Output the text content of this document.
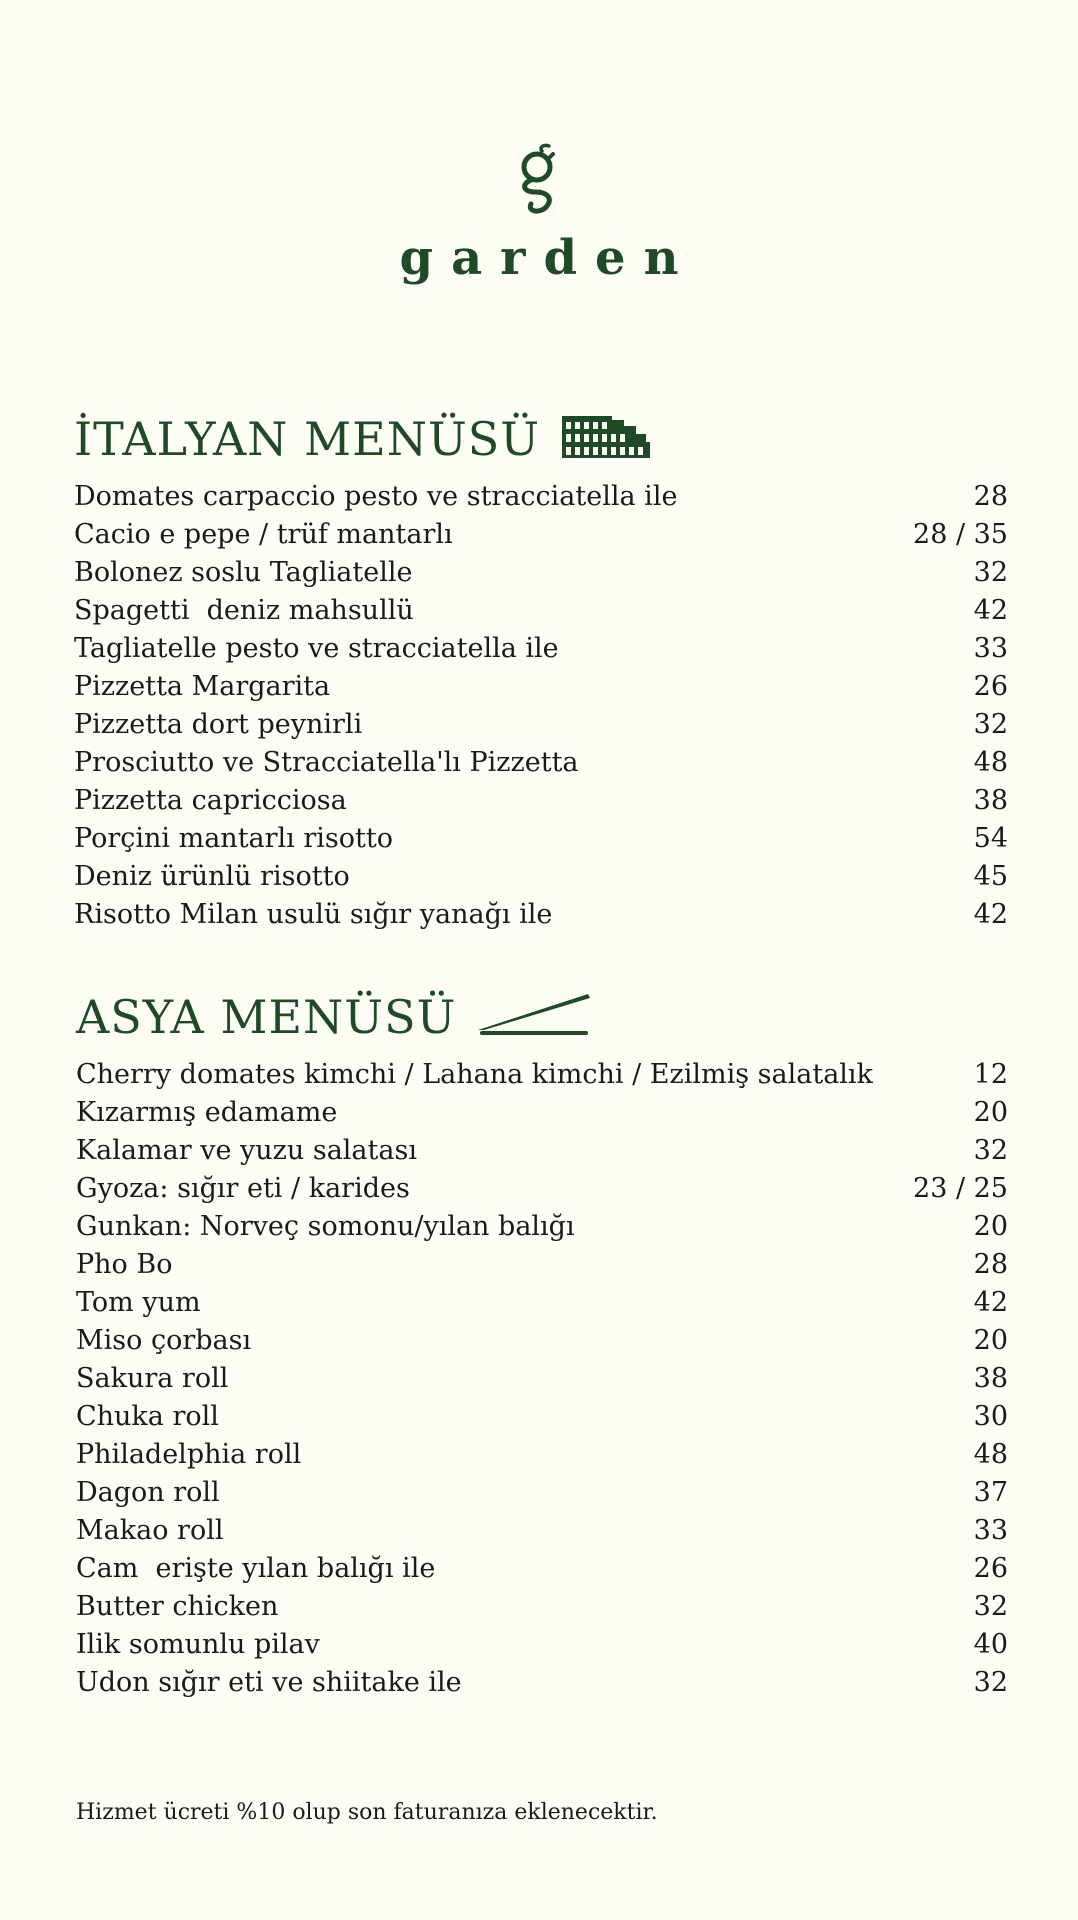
garden
İTALYAN MENÜSÜ
Domates carpaccio pesto ve stracciatella ile	28
Cacio e pepe / trüf mantarlı	28 / 35
Bolonez soslu Tagliatelle	32
Spagetti  deniz mahsullü	42
Tagliatelle pesto ve stracciatella ile	33
Pizzetta Margarita	26
Pizzetta dort peynirli	32
Prosciutto ve Stracciatella'lı Pizzetta	48
Pizzetta capricciosa	38
Porçini mantarlı risotto	54
Deniz ürünlü risotto	45
Risotto Milan usulü sığır yanağı ile	42
ASYA MENÜSÜ
Cherry domates kimchi / Lahana kimchi / Ezilmiş salatalık	12
Kızarmış edamame	20
Kalamar ve yuzu salatası	32
Gyoza: sığır eti / karides	23 / 25
Gunkan: Norveç somonu/yılan balığı	20
Pho Bo	28
Tom yum	42
Miso çorbası	20
Sakura roll	38
Chuka roll	30
Philadelphia roll	48
Dagon roll	37
Makao roll	33
Cam  erişte yılan balığı ile	26
Butter chicken	32
Ilik somunlu pilav	40
Udon sığır eti ve shiitake ile	32
Hizmet ücreti %10 olup son faturanıza eklenecektir.
